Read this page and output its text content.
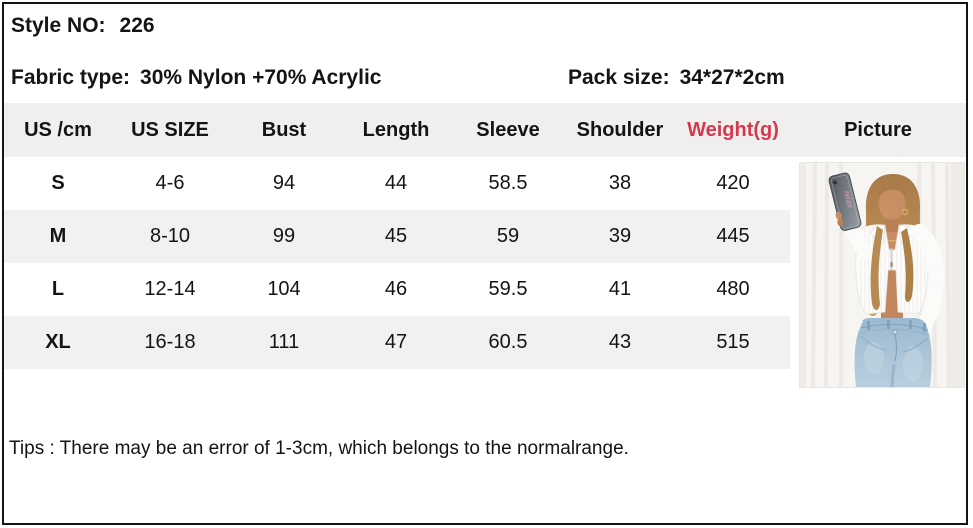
Style NO: 226
Fabric type: 30% Nylon +70% Acrylic	Pack size: 34*27*2cm
US /cm	US SIZE	Bust	Length	Sleeve	Shoulder	Weight(g)	Picture
S	4-6	94	44	58.5	38	420	
M	8-10	99	45	59	39	445	
L	12-14	104	46	59.5	41	480	
XL	16-18	111	47	60.5	43	515	
relax
Tips : There may be an error of 1-3cm, which belongs to the normalrange.
